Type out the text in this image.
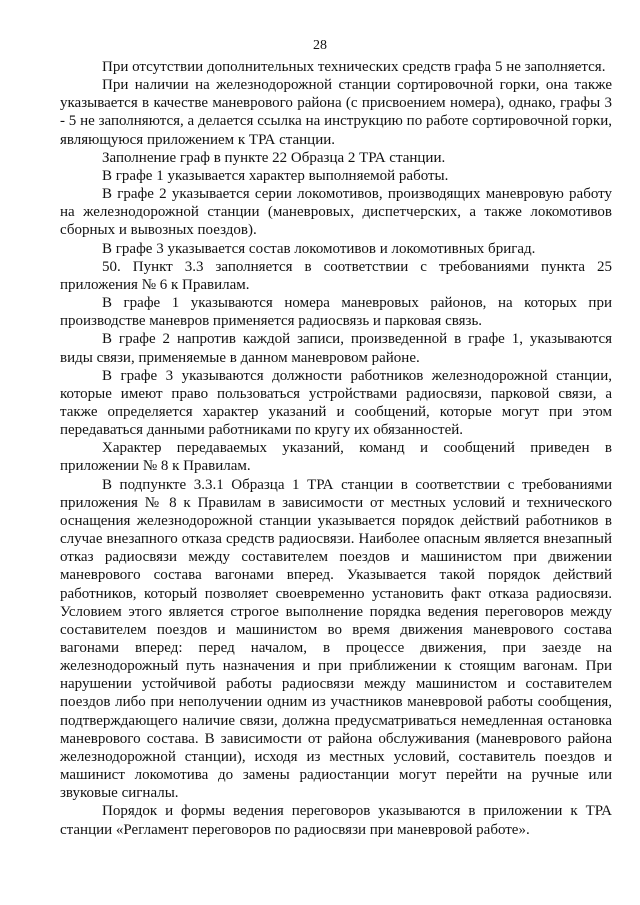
28

При отсутствии дополнительных технических средств графа 5 не заполняется.

При наличии на железнодорожной станции сортировочной горки, она также указывается в качестве маневрового района (с присвоением номера), однако, графы 3 - 5 не заполняются, а делается ссылка на инструкцию по работе сортировочной горки, являющуюся приложением к ТРА станции.

Заполнение граф в пункте 22 Образца 2 ТРА станции.

В графе 1 указывается характер выполняемой работы.

В графе 2 указывается серии локомотивов, производящих маневровую работу на железнодорожной станции (маневровых, диспетчерских, а также локомотивов сборных и вывозных поездов).

В графе 3 указывается состав локомотивов и локомотивных бригад.

50. Пункт 3.3 заполняется в соответствии с требованиями пункта 25 приложения № 6 к Правилам.

В графе 1 указываются номера маневровых районов, на которых при производстве маневров применяется радиосвязь и парковая связь.

В графе 2 напротив каждой записи, произведенной в графе 1, указываются виды связи, применяемые в данном маневровом районе.

В графе 3 указываются должности работников железнодорожной станции, которые имеют право пользоваться устройствами радиосвязи, парковой связи, а также определяется характер указаний и сообщений, которые могут при этом передаваться данными работниками по кругу их обязанностей.

Характер передаваемых указаний, команд и сообщений приведен в приложении № 8 к Правилам.

В подпункте 3.3.1 Образца 1 ТРА станции в соответствии с требованиями приложения № 8 к Правилам в зависимости от местных условий и технического оснащения железнодорожной станции указывается порядок действий работников в случае внезапного отказа средств радиосвязи. Наиболее опасным является внезапный отказ радиосвязи между составителем поездов и машинистом при движении маневрового состава вагонами вперед. Указывается такой порядок действий работников, который позволяет своевременно установить факт отказа радиосвязи. Условием этого является строгое выполнение порядка ведения переговоров между составителем поездов и машинистом во время движения маневрового состава вагонами вперед: перед началом, в процессе движения, при заезде на железнодорожный путь назначения и при приближении к стоящим вагонам. При нарушении устойчивой работы радиосвязи между машинистом и составителем поездов либо при неполучении одним из участников маневровой работы сообщения, подтверждающего наличие связи, должна предусматриваться немедленная остановка маневрового состава. В зависимости от района обслуживания (маневрового района железнодорожной станции), исходя из местных условий, составитель поездов и машинист локомотива до замены радиостанции могут перейти на ручные или звуковые сигналы.

Порядок и формы ведения переговоров указываются в приложении к ТРА станции «Регламент переговоров по радиосвязи при маневровой работе».
